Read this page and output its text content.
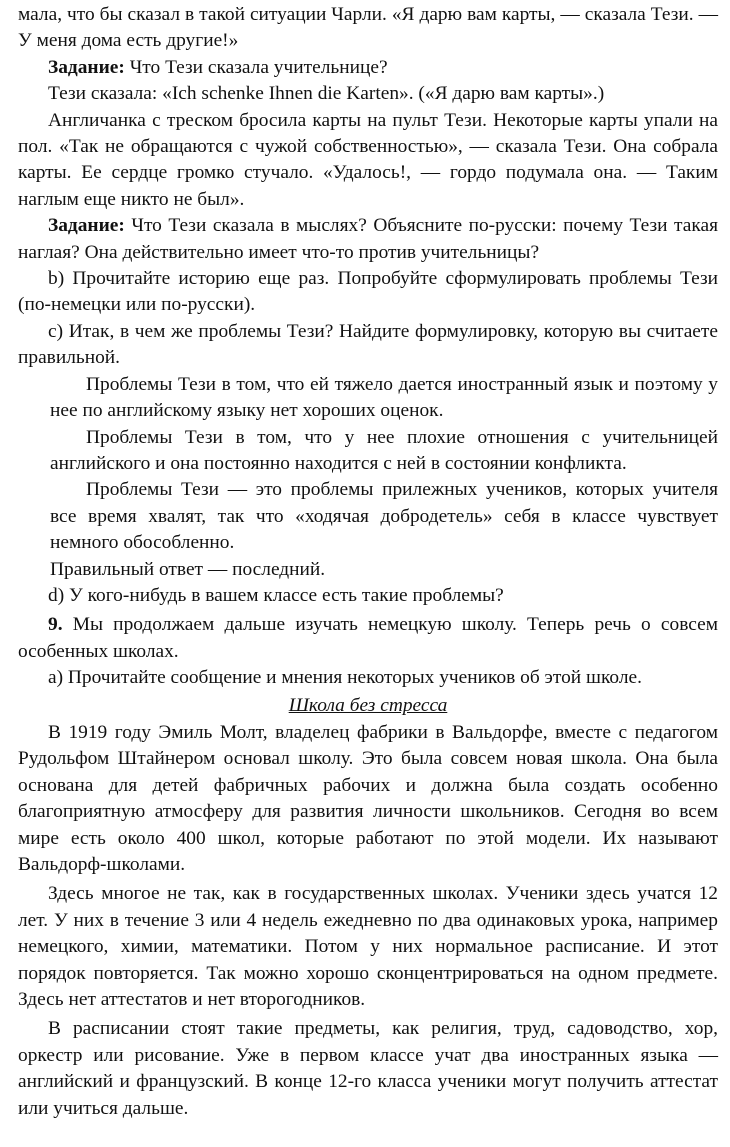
мала, что бы сказал в такой ситуации Чарли. «Я дарю вам карты, — сказала Тези. — У меня дома есть другие!»

Задание: Что Тези сказала учительнице?

Тези сказала: «Ich schenke Ihnen die Karten». («Я дарю вам карты».)

Англичанка с треском бросила карты на пульт Тези. Некоторые карты упали на пол. «Так не обращаются с чужой собственностью», — сказала Тези. Она собрала карты. Ее сердце громко стучало. «Удалось!, — гордо подумала она. — Таким наглым еще никто не был».

Задание: Что Тези сказала в мыслях? Объясните по-русски: почему Тези такая наглая? Она действительно имеет что-то против учительницы?

b) Прочитайте историю еще раз. Попробуйте сформулировать проблемы Тези (по-немецки или по-русски).

c) Итак, в чем же проблемы Тези? Найдите формулировку, которую вы считаете правильной.

Проблемы Тези в том, что ей тяжело дается иностранный язык и поэтому у нее по английскому языку нет хороших оценок.

Проблемы Тези в том, что у нее плохие отношения с учительницей английского и она постоянно находится с ней в состоянии конфликта.

Проблемы Тези — это проблемы прилежных учеников, которых учителя все время хвалят, так что «ходячая добродетель» себя в классе чувствует немного обособленно.

Правильный ответ — последний.

d) У кого-нибудь в вашем классе есть такие проблемы?

9. Мы продолжаем дальше изучать немецкую школу. Теперь речь о совсем особенных школах.

a) Прочитайте сообщение и мнения некоторых учеников об этой школе.

Школа без стресса

В 1919 году Эмиль Молт, владелец фабрики в Вальдорфе, вместе с педагогом Рудольфом Штайнером основал школу. Это была совсем новая школа. Она была основана для детей фабричных рабочих и должна была создать особенно благоприятную атмосферу для развития личности школьников. Сегодня во всем мире есть около 400 школ, которые работают по этой модели. Их называют Вальдорф-школами.

Здесь многое не так, как в государственных школах. Ученики здесь учатся 12 лет. У них в течение 3 или 4 недель ежедневно по два одинаковых урока, например немецкого, химии, математики. Потом у них нормальное расписание. И этот порядок повторяется. Так можно хорошо сконцентрироваться на одном предмете. Здесь нет аттестатов и нет второгодников.

В расписании стоят такие предметы, как религия, труд, садоводство, хор, оркестр или рисование. Уже в первом классе учат два иностранных языка — английский и французский. В конце 12-го класса ученики могут получить аттестат или учиться дальше.
